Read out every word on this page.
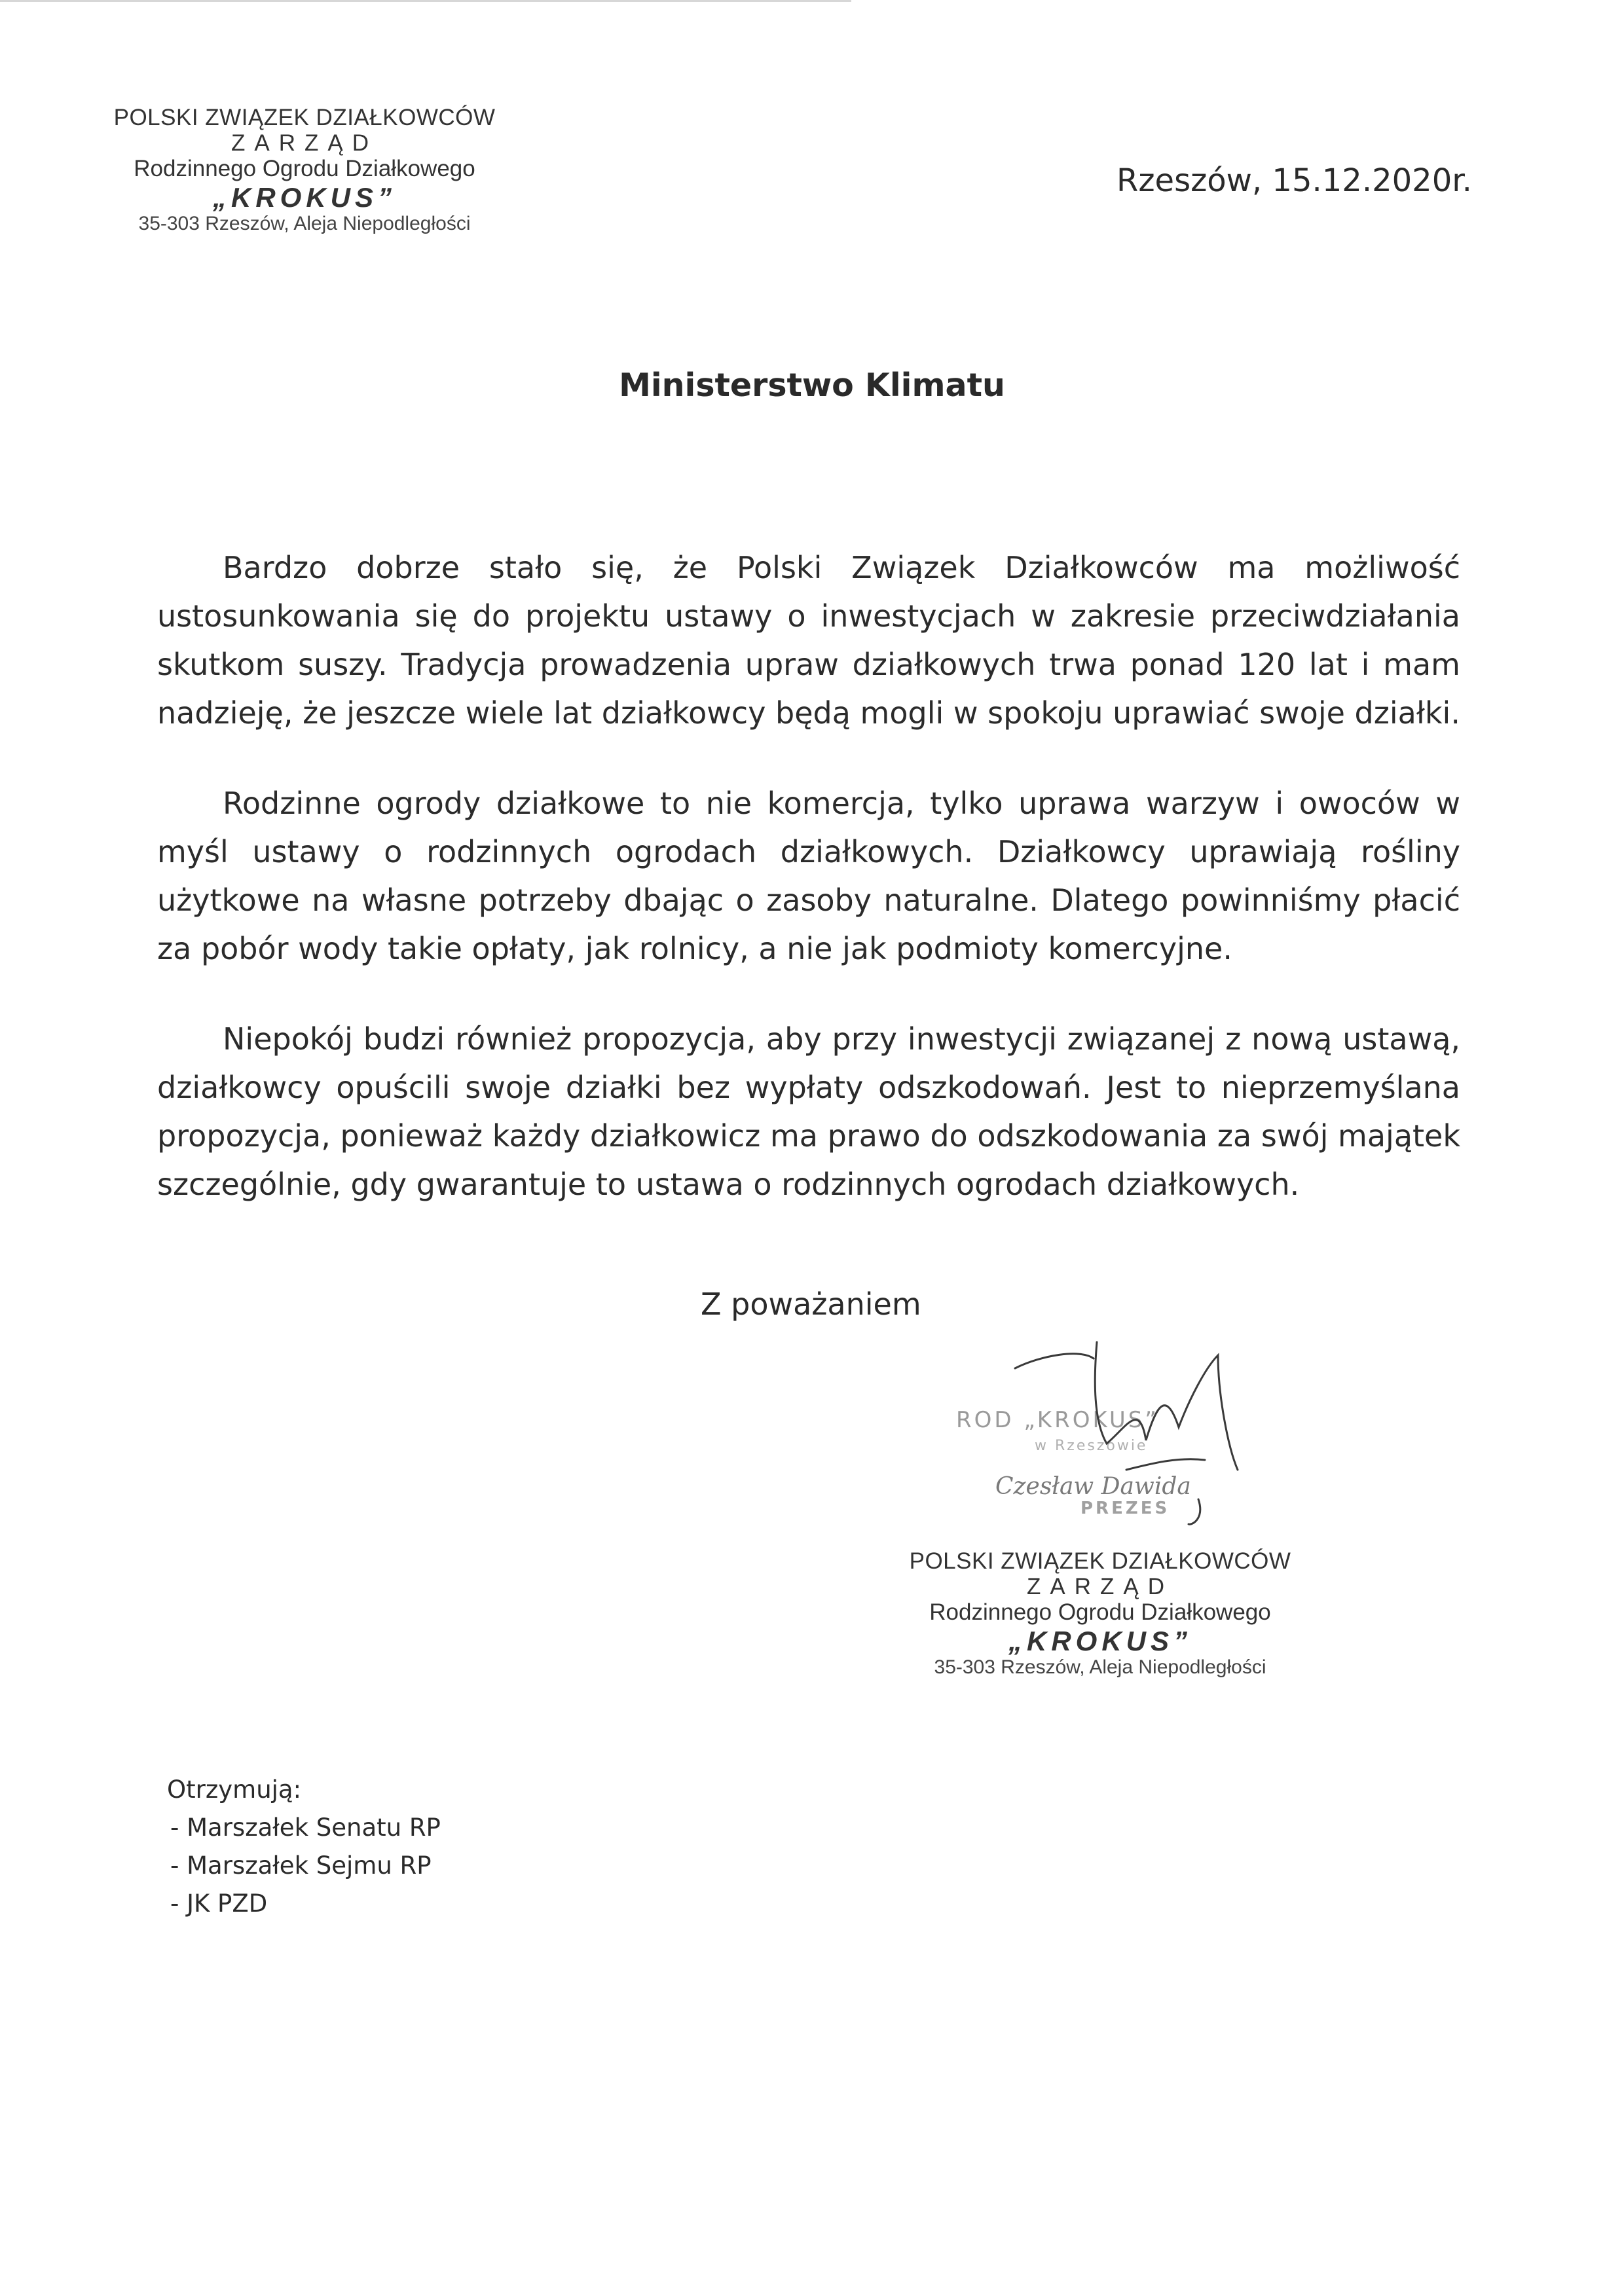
POLSKI ZWIĄZEK DZIAŁKOWCÓW
ZARZĄD
Rodzinnego Ogrodu Działkowego
„KROKUS”
35-303 Rzeszów, Aleja Niepodległości
Rzeszów, 15.12.2020r.
Ministerstwo Klimatu

Bardzo dobrze stało się, że Polski Związek Działkowców ma możliwość ustosunkowania się do projektu ustawy o inwestycjach w zakresie przeciwdziałania skutkom suszy. Tradycja prowadzenia upraw działkowych trwa ponad 120 lat i mam nadzieję, że jeszcze wiele lat działkowcy będą mogli w spokoju uprawiać swoje działki.

Rodzinne ogrody działkowe to nie komercja, tylko uprawa warzyw i owoców w myśl ustawy o rodzinnych ogrodach działkowych. Działkowcy uprawiają rośliny użytkowe na własne potrzeby dbając o zasoby naturalne. Dlatego powinniśmy płacić za pobór wody takie opłaty, jak rolnicy, a nie jak podmioty komercyjne.

Niepokój budzi również propozycja, aby przy inwestycji związanej z nową ustawą, działkowcy opuścili swoje działki bez wypłaty odszkodowań. Jest to nieprzemyślana propozycja, ponieważ każdy działkowicz ma prawo do odszkodowania za swój majątek szczególnie, gdy gwarantuje to ustawa o rodzinnych ogrodach działkowych.

Z poważaniem
ROD „KROKUS”
w Rzeszowie
Czesław Dawida
PREZES
POLSKI ZWIĄZEK DZIAŁKOWCÓW
ZARZĄD
Rodzinnego Ogrodu Działkowego
„KROKUS”
35-303 Rzeszów, Aleja Niepodległości
Otrzymują:
- Marszałek Senatu RP
- Marszałek Sejmu RP
- JK PZD
